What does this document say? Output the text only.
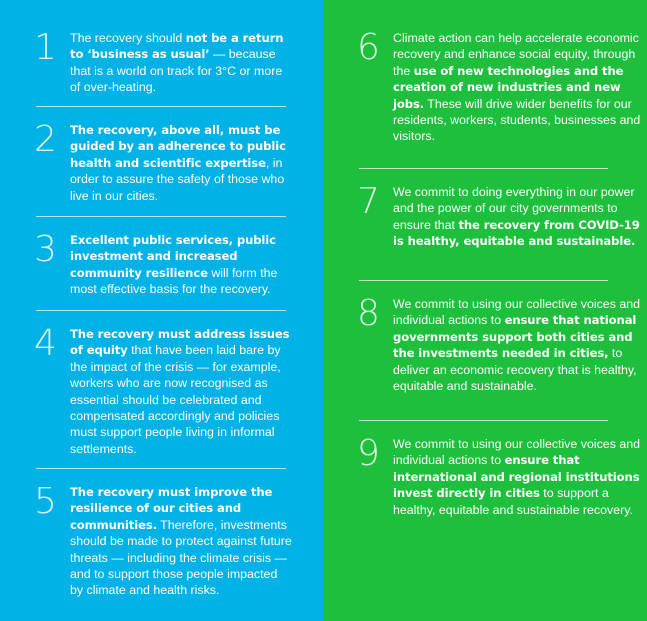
1 The recovery should not be a return to ‘business as usual’ — because that is a world on track for 3°C or more of over-heating.
2 The recovery, above all, must be guided by an adherence to public health and scientific expertise, in order to assure the safety of those who live in our cities.
3 Excellent public services, public investment and increased community resilience will form the most effective basis for the recovery.
4 The recovery must address issues of equity that have been laid bare by the impact of the crisis — for example, workers who are now recognised as essential should be celebrated and compensated accordingly and policies must support people living in informal settlements.
5 The recovery must improve the resilience of our cities and communities. Therefore, investments should be made to protect against future threats — including the climate crisis — and to support those people impacted by climate and health risks.
6 Climate action can help accelerate economic recovery and enhance social equity, through the use of new technologies and the creation of new industries and new jobs. These will drive wider benefits for our residents, workers, students, businesses and visitors.
7 We commit to doing everything in our power and the power of our city governments to ensure that the recovery from COVID-19 is healthy, equitable and sustainable.
8 We commit to using our collective voices and individual actions to ensure that national governments support both cities and the investments needed in cities, to deliver an economic recovery that is healthy, equitable and sustainable.
9 We commit to using our collective voices and individual actions to ensure that international and regional institutions invest directly in cities to support a healthy, equitable and sustainable recovery.
